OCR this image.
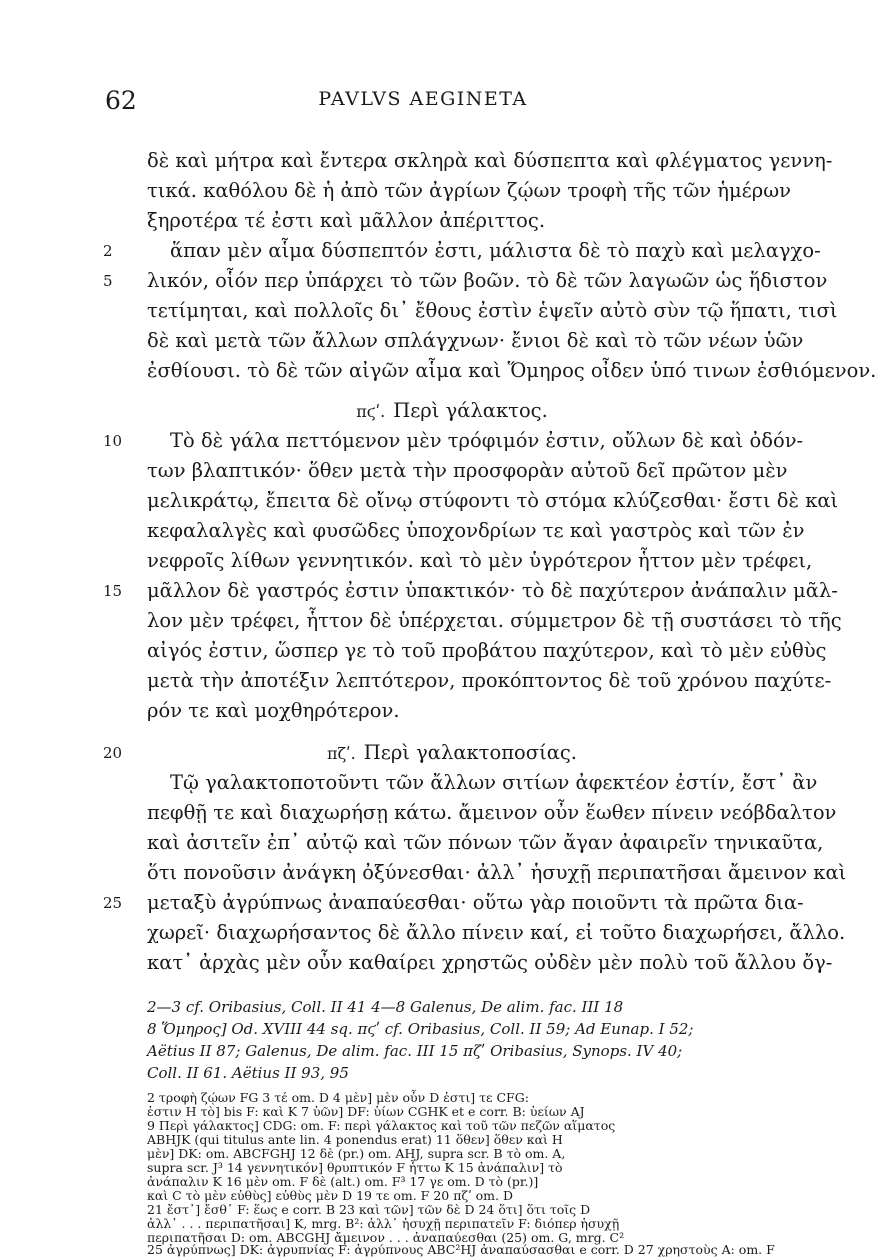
62	PAVLVS AEGINETA
δὲ καὶ μήτρα καὶ ἔντερα σκληρὰ καὶ δύσπεπτα καὶ φλέγματος γεννη-
τικά. καθόλου δὲ ἡ ἀπὸ τῶν ἀγρίων ζῴων τροφὴ τῆς τῶν ἡμέρων
ξηροτέρα τέ ἐστι καὶ μᾶλλον ἀπέριττος.
2	ἅπαν μὲν αἷμα δύσπεπτόν ἐστι, μάλιστα δὲ τὸ παχὺ καὶ μελαγχο-
5	λικόν, οἷόν περ ὑπάρχει τὸ τῶν βοῶν. τὸ δὲ τῶν λαγωῶν ὡς ἥδιστον
τετίμηται, καὶ πολλοῖς δι᾽ ἔθους ἐστὶν ἑψεῖν αὐτὸ σὺν τῷ ἥπατι, τισὶ
δὲ καὶ μετὰ τῶν ἄλλων σπλάγχνων· ἔνιοι δὲ καὶ τὸ τῶν νέων ὑῶν
ἐσθίουσι. τὸ δὲ τῶν αἰγῶν αἷμα καὶ Ὅμηρος οἶδεν ὑπό τινων ἐσθιόμενον.
πϛʹ. Περὶ γάλακτος.
10	Τὸ δὲ γάλα πεττόμενον μὲν τρόφιμόν ἐστιν, οὔλων δὲ καὶ ὀδόν-
των βλαπτικόν· ὅθεν μετὰ τὴν προσφορὰν αὐτοῦ δεῖ πρῶτον μὲν
μελικράτῳ, ἔπειτα δὲ οἴνῳ στύφοντι τὸ στόμα κλύζεσθαι· ἔστι δὲ καὶ
κεφαλαλγὲς καὶ φυσῶδες ὑποχονδρίων τε καὶ γαστρὸς καὶ τῶν ἐν
νεφροῖς λίθων γεννητικόν. καὶ τὸ μὲν ὑγρότερον ἧττον μὲν τρέφει,
15	μᾶλλον δὲ γαστρός ἐστιν ὑπακτικόν· τὸ δὲ παχύτερον ἀνάπαλιν μᾶλ-
λον μὲν τρέφει, ἧττον δὲ ὑπέρχεται. σύμμετρον δὲ τῇ συστάσει τὸ τῆς
αἰγός ἐστιν, ὥσπερ γε τὸ τοῦ προβάτου παχύτερον, καὶ τὸ μὲν εὐθὺς
μετὰ τὴν ἀποτέξιν λεπτότερον, προκόπτοντος δὲ τοῦ χρόνου παχύτε-
ρόν τε καὶ μοχθηρότερον.
20	πζʹ. Περὶ γαλακτοποσίας.
Τῷ γαλακτοποτοῦντι τῶν ἄλλων σιτίων ἀφεκτέον ἐστίν, ἔστ᾽ ἂν
πεφθῇ τε καὶ διαχωρήσῃ κάτω. ἄμεινον οὖν ἕωθεν πίνειν νεόβδαλτον
καὶ ἀσιτεῖν ἐπ᾽ αὐτῷ καὶ τῶν πόνων τῶν ἄγαν ἀφαιρεῖν τηνικαῦτα,
ὅτι πονοῦσιν ἀνάγκη ὀξύνεσθαι· ἀλλ᾽ ἡσυχῇ περιπατῆσαι ἄμεινον καὶ
25	μεταξὺ ἀγρύπνως ἀναπαύεσθαι· οὕτω γὰρ ποιοῦντι τὰ πρῶτα δια-
χωρεῖ· διαχωρήσαντος δὲ ἄλλο πίνειν καί, εἰ τοῦτο διαχωρήσει, ἄλλο.
κατ᾽ ἀρχὰς μὲν οὖν καθαίρει χρηστῶς οὐδὲν μὲν πολὺ τοῦ ἄλλου ὄγ-
2—3 cf. Oribasius, Coll. II 41 4—8 Galenus, De alim. fac. III 18
8 Ὅμηρος] Od. XVIII 44 sq. πϛʹ cf. Oribasius, Coll. II 59; Ad Eunap. I 52;
Aëtius II 87; Galenus, De alim. fac. III 15 πζʹ Oribasius, Synops. IV 40;
Coll. II 61. Aëtius II 93, 95
2 τροφὴ ζῴων FG 3 τέ om. D 4 μὲν] μὲν οὖν D ἐστι] τε CFG:
ἐστιν H τὸ] bis F: καὶ K 7 ὑῶν] DF: ὑίων CGHK et e corr. B: ὑείων AJ
9 Περὶ γάλακτος] CDG: om. F: περὶ γάλακτος καὶ τοῦ τῶν πεζῶν αἵματος
ABHJK (qui titulus ante lin. 4 ponendus erat) 11 ὅθεν] ὅθεν καὶ H
μὲν] DK: om. ABCFGHJ 12 δὲ (pr.) om. AHJ, supra scr. B τὸ om. A,
supra scr. J³ 14 γεννητικόν] θρυπτικόν F ἧττω K 15 ἀνάπαλιν] τὸ
ἀνάπαλιν K 16 μὲν om. F δὲ (alt.) om. F³ 17 γε om. D τὸ (pr.)]
καὶ C τὸ μὲν εὐθὺς] εὐθὺς μὲν D 19 τε om. F 20 πζʹ om. D
21 ἔστ᾽] ἔσθ᾽ F: ἕως e corr. B 23 καὶ τῶν] τῶν δὲ D 24 ὅτι] ὅτι τοῖς D
ἀλλ᾽ . . . περιπατῆσαι] K, mrg. B²: ἀλλ᾽ ἡσυχῇ περιπατεῖν F: διόπερ ἡσυχῇ
περιπατῆσαι D: om. ABCGHJ ἄμεινον . . . ἀναπαύεσθαι (25) om. G, mrg. C²
25 ἀγρύπνως] DK: ἀγρυπνίας F: ἀγρύπνους ABC²HJ ἀναπαύσασθαι e corr. D 27 χρηστοὺς A: om. F
